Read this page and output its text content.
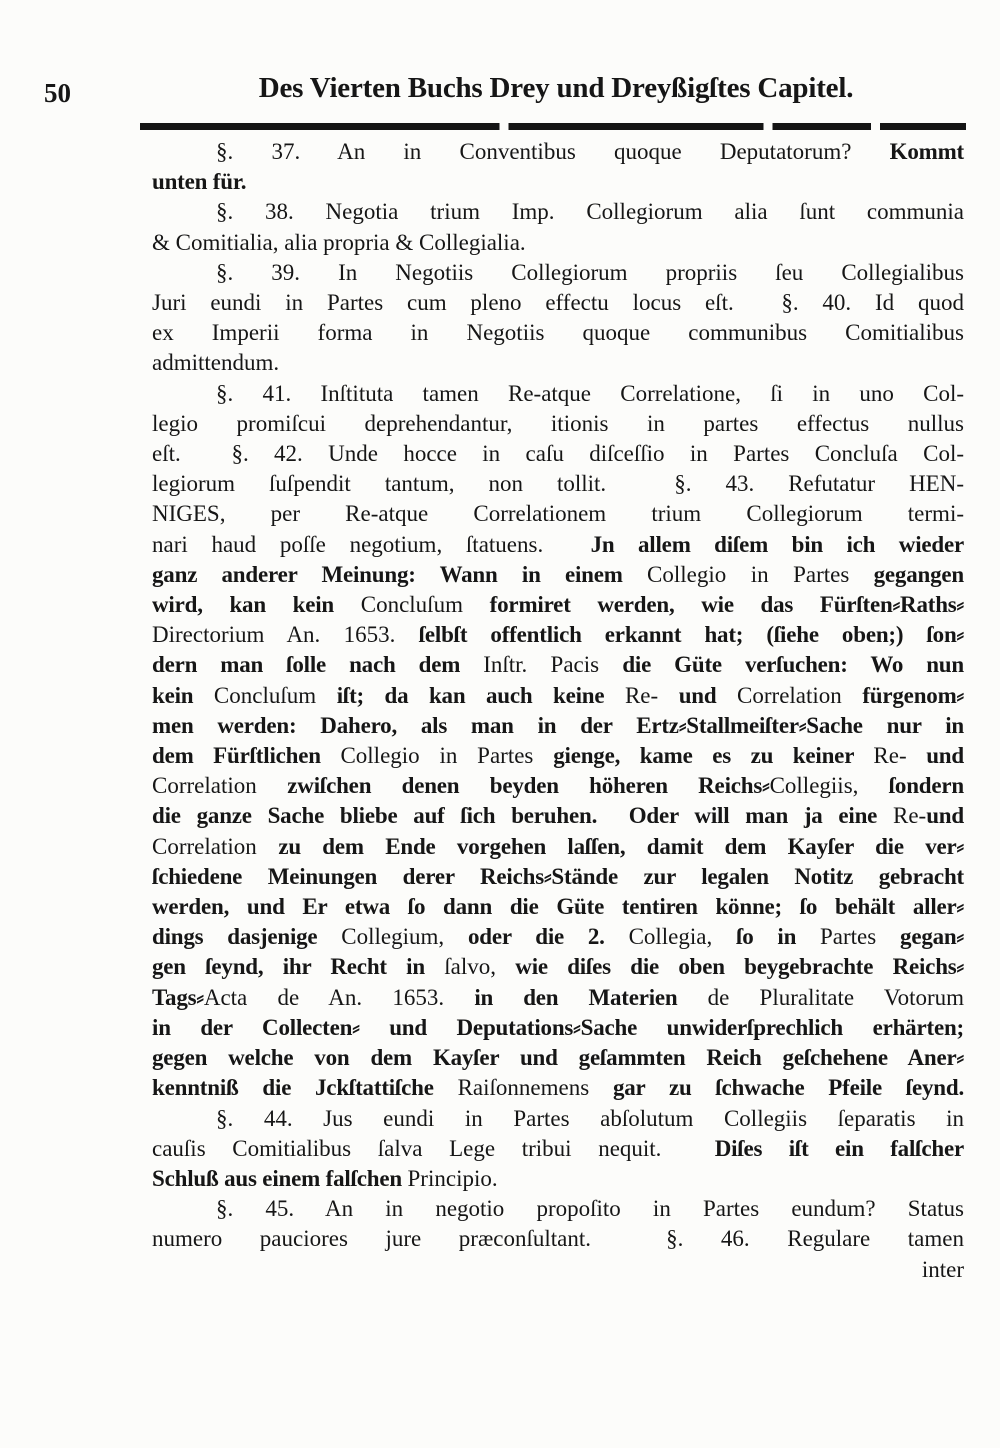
50	Des Vierten Buchs Drey und Dreyßigſtes Capitel.
§. 37. An in Conventibus quoque Deputatorum? Kommt
unten für.
§. 38. Negotia trium Imp. Collegiorum alia ſunt communia
& Comitialia, alia propria & Collegialia.
§. 39. In Negotiis Collegiorum propriis ſeu Collegialibus
Juri eundi in Partes cum pleno effectu locus eſt.  §. 40. Id quod
ex Imperii forma in Negotiis quoque communibus Comitialibus
admittendum.
§. 41. Inſtituta tamen Re-atque Correlatione, ſi in uno Col-
legio promiſcui deprehendantur, itionis in partes effectus nullus
eſt.  §. 42. Unde hocce in caſu diſceſſio in Partes Concluſa Col-
legiorum ſuſpendit tantum, non tollit.  §. 43. Refutatur HEN-
NIGES, per Re-atque Correlationem trium Collegiorum termi-
nari haud poſſe negotium, ſtatuens.  Jn allem diſem bin ich wieder
ganz anderer Meinung: Wann in einem Collegio in Partes gegangen
wird, kan kein Concluſum formiret werden, wie das Fürſten⸗Raths⸗
Directorium An. 1653. ſelbſt offentlich erkannt hat; (ſiehe oben;) ſon⸗
dern man ſolle nach dem Inſtr. Pacis die Güte verſuchen: Wo nun
kein Concluſum iſt; da kan auch keine Re- und Correlation fürgenom⸗
men werden: Dahero, als man in der Ertz⸗Stallmeiſter⸗Sache nur in
dem Fürſtlichen Collegio in Partes gienge, kame es zu keiner Re- und
Correlation zwiſchen denen beyden höheren Reichs⸗Collegiis, ſondern
die ganze Sache bliebe auf ſich beruhen.  Oder will man ja eine Re-und
Correlation zu dem Ende vorgehen laſſen, damit dem Kayſer die ver⸗
ſchiedene Meinungen derer Reichs⸗Stände zur legalen Notitz gebracht
werden, und Er etwa ſo dann die Güte tentiren könne; ſo behält aller⸗
dings dasjenige Collegium, oder die 2. Collegia, ſo in Partes gegan⸗
gen ſeynd, ihr Recht in ſalvo, wie diſes die oben beygebrachte Reichs⸗
Tags⸗Acta de An. 1653. in den Materien de Pluralitate Votorum
in der Collecten⸗ und Deputations⸗Sache unwiderſprechlich erhärten;
gegen welche von dem Kayſer und geſammten Reich geſchehene Aner⸗
kenntniß die Jckſtattiſche Raiſonnemens gar zu ſchwache Pfeile ſeynd.
§. 44. Jus eundi in Partes abſolutum Collegiis ſeparatis in
cauſis Comitialibus ſalva Lege tribui nequit.  Diſes iſt ein falſcher
Schluß aus einem falſchen Principio.
§. 45. An in negotio propoſito in Partes eundum? Status
numero pauciores jure præconſultant.  §. 46. Regulare tamen
inter
